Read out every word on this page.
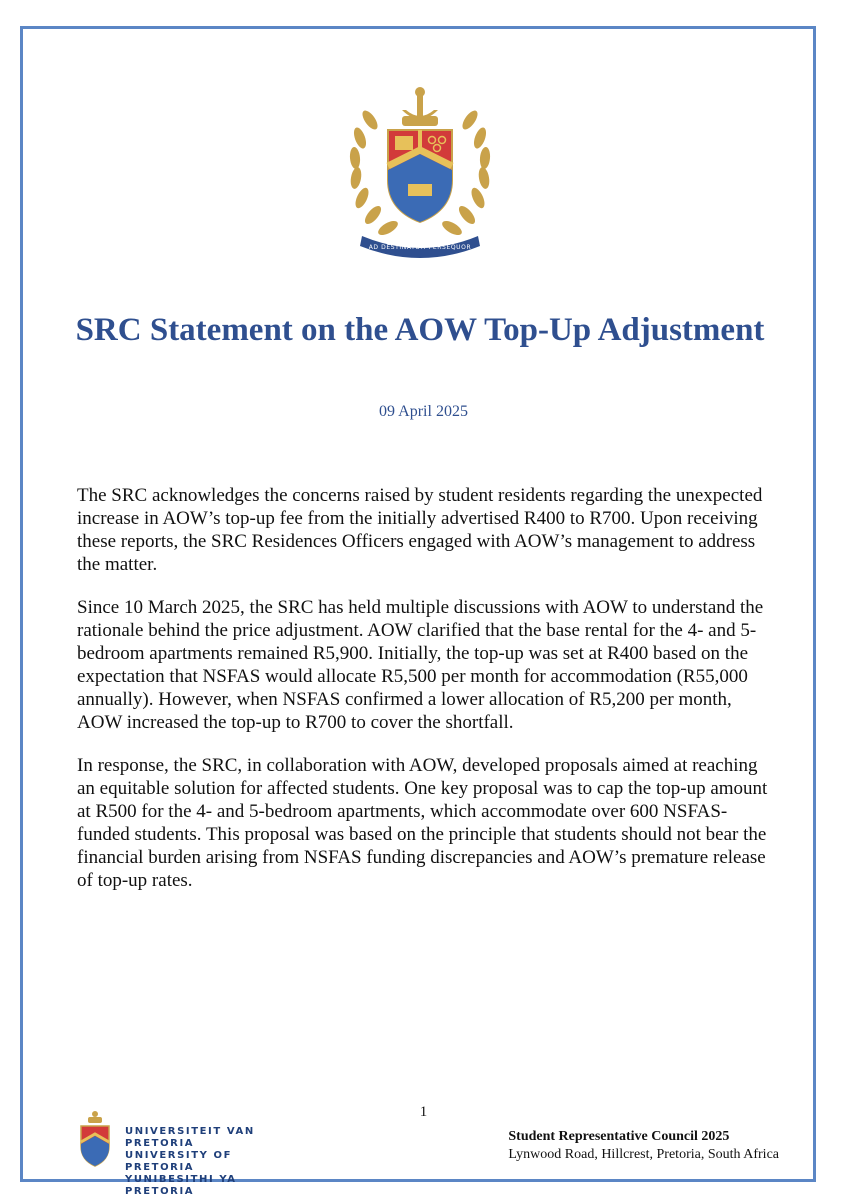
AD DESTINATUM PERSEQUOR
SRC Statement on the AOW Top-Up Adjustment
09 April 2025

The SRC acknowledges the concerns raised by student residents regarding the unexpected increase in AOW’s top-up fee from the initially advertised R400 to R700. Upon receiving these reports, the SRC Residences Officers engaged with AOW’s management to address the matter.

Since 10 March 2025, the SRC has held multiple discussions with AOW to understand the rationale behind the price adjustment. AOW clarified that the base rental for the 4- and 5-bedroom apartments remained R5,900. Initially, the top-up was set at R400 based on the expectation that NSFAS would allocate R5,500 per month for accommodation (R55,000 annually). However, when NSFAS confirmed a lower allocation of R5,200 per month, AOW increased the top-up to R700 to cover the shortfall.

In response, the SRC, in collaboration with AOW, developed proposals aimed at reaching an equitable solution for affected students. One key proposal was to cap the top-up amount at R500 for the 4- and 5-bedroom apartments, which accommodate over 600 NSFAS-funded students. This proposal was based on the principle that students should not bear the financial burden arising from NSFAS funding discrepancies and AOW’s premature release of top-up rates.

1
UNIVERSITEIT VAN PRETORIA
UNIVERSITY OF PRETORIA
YUNIBESITHI YA PRETORIA
Student Representative Council 2025
Lynwood Road, Hillcrest, Pretoria, South Africa
